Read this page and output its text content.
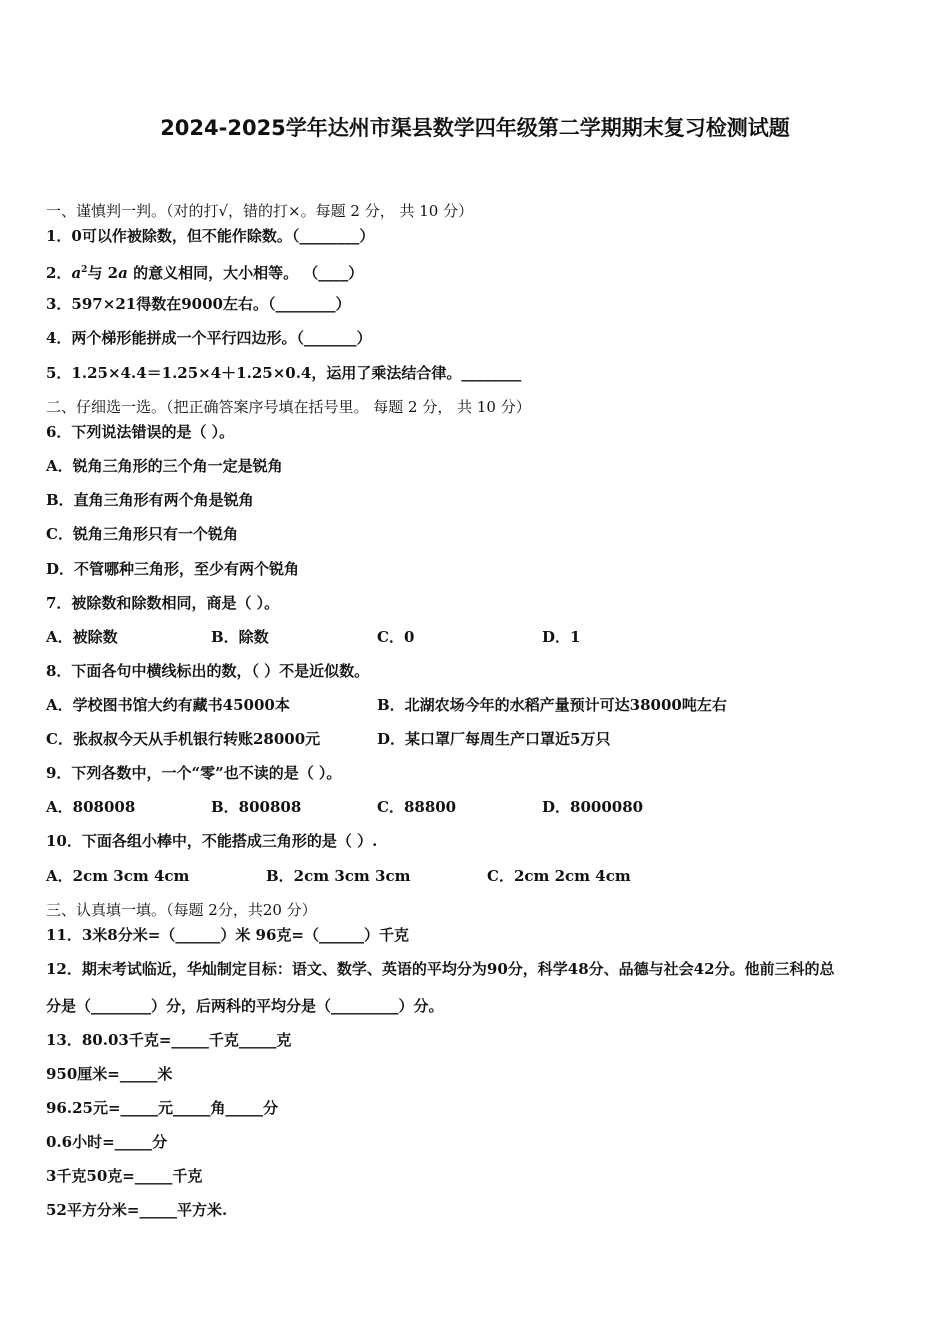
2024-2025学年达州市渠县数学四年级第二学期期末复习检测试题
一、谨慎判一判。（对的打√，错的打×。每题 2 分， 共 10 分）
1．0可以作被除数，但不能作除数。（________）
2．$a^2$与 2a 的意义相同，大小相等。 （____）
3．597×21得数在9000左右。（________）
4．两个梯形能拼成一个平行四边形。（_______）
5．1.25×4.4＝1.25×4＋1.25×0.4，运用了乘法结合律。________
二、仔细选一选。（把正确答案序号填在括号里。 每题 2 分， 共 10 分）
6．下列说法错误的是（ ）。
A．锐角三角形的三个角一定是锐角
B．直角三角形有两个角是锐角
C．锐角三角形只有一个锐角
D．不管哪种三角形，至少有两个锐角
7．被除数和除数相同，商是（ ）。
A．被除数	B．除数	C．0	D．1
8．下面各句中横线标出的数，（ ）不是近似数。
A．学校图书馆大约有藏书45000本	B．北湖农场今年的水稻产量预计可达38000吨左右
C．张叔叔今天从手机银行转账28000元	D．某口罩厂每周生产口罩近5万只
9．下列各数中，一个“零”也不读的是（ ）。
A．808008	B．800808	C．88800	D．8000080
10．下面各组小棒中，不能搭成三角形的是（ ）.
A．2cm 3cm 4cm	B．2cm 3cm 3cm	C．2cm 2cm 4cm
三、认真填一填。（每题 2分，共20 分）
11．3米8分米=（______）米 96克=（______）千克
12．期末考试临近，华灿制定目标：语文、数学、英语的平均分为90分，科学48分、品德与社会42分。他前三科的总
分是（________）分，后两科的平均分是（_________）分。
13．80.03千克=_____千克_____克
950厘米=_____米
96.25元=_____元_____角_____分
0.6小时=_____分
3千克50克=_____千克
52平方分米=_____平方米.
